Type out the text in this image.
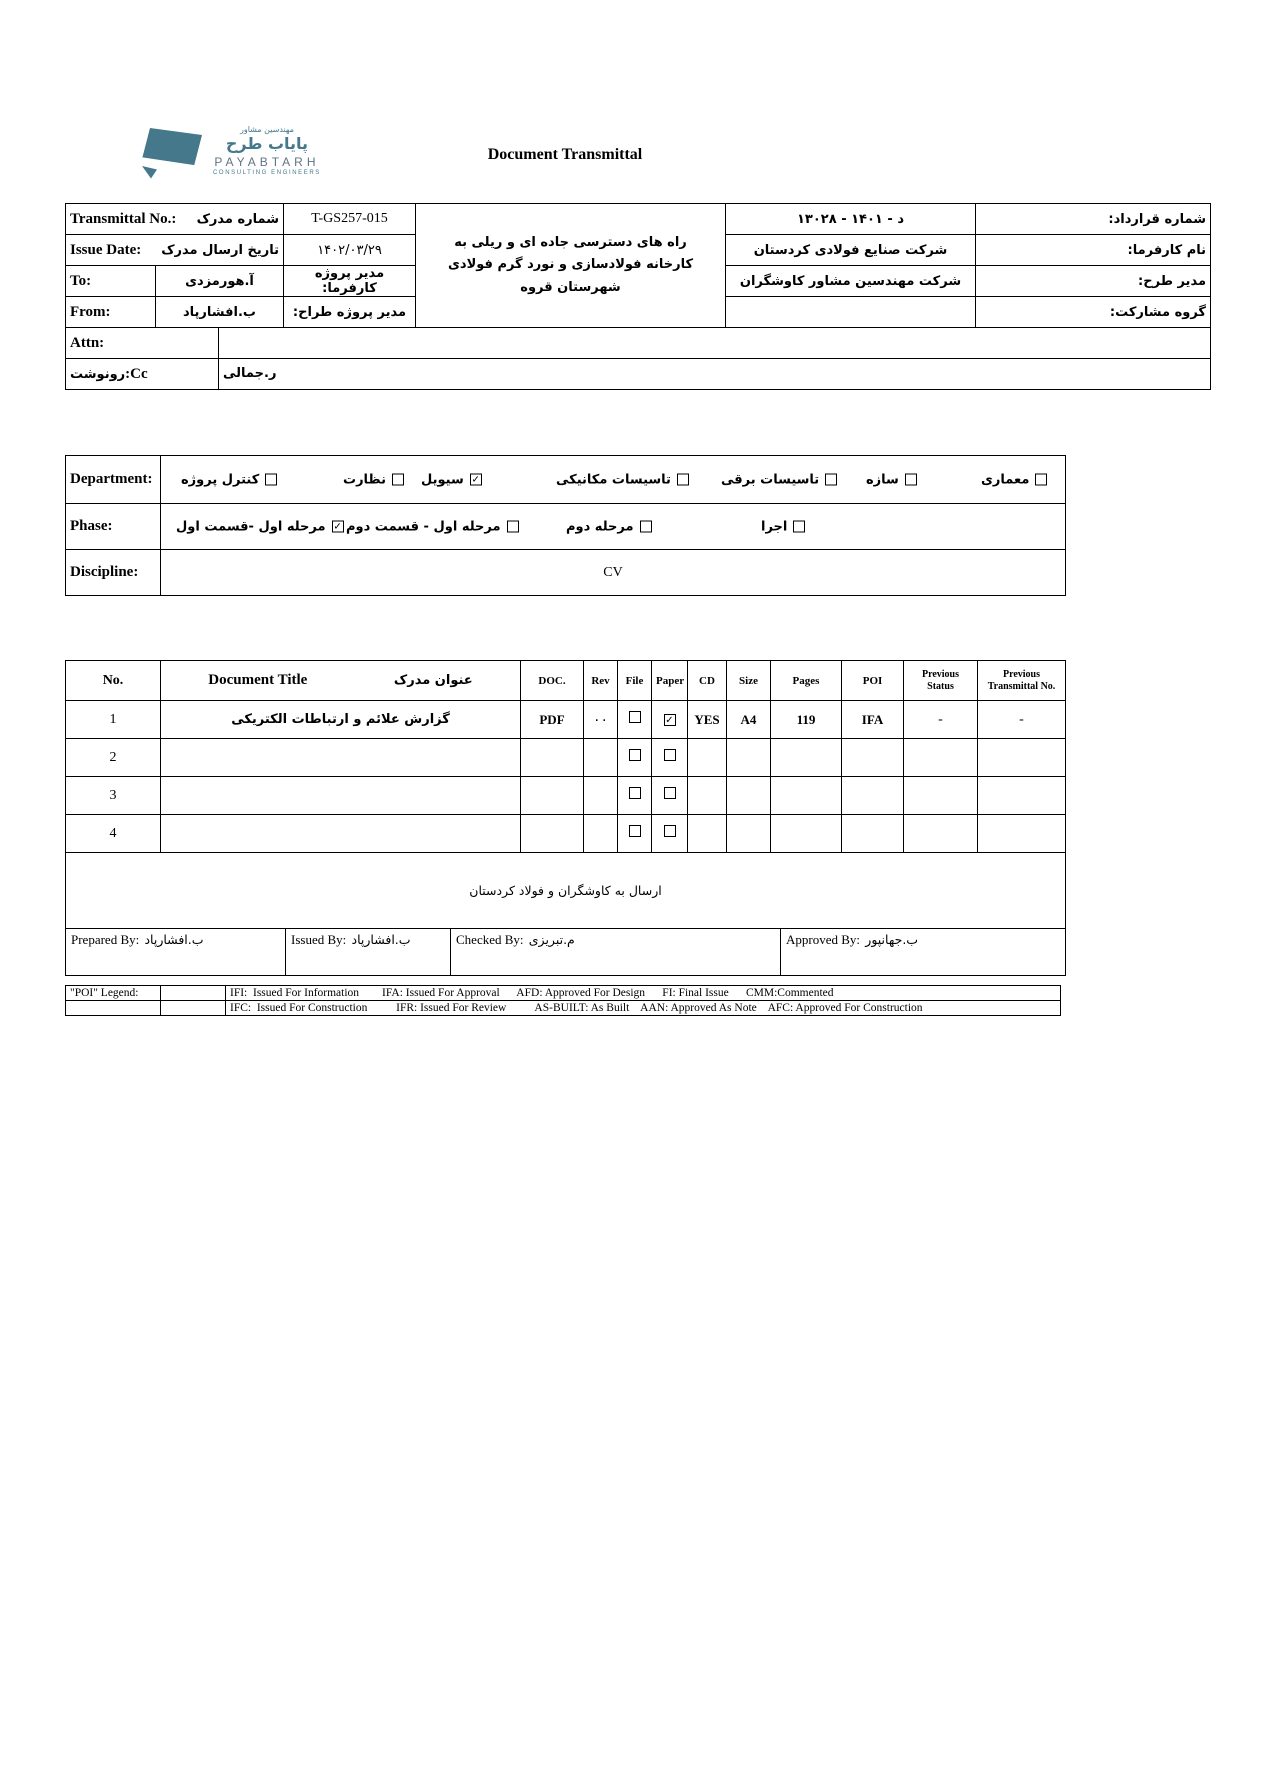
مهندسین مشاور
پایاب طرح
PAYABTARH
CONSULTING ENGINEERS
Document Transmittal
Transmittal No.: شماره مدرک			T-GS257-015	راه های دسترسی جاده ای و ریلی به کارخانه فولادسازی و نورد گرم فولادی شهرستان قروه	۱۳۰۲۸ - د - ۱۴۰۱	شماره قرارداد:

Issue Date: تاریخ ارسال مدرک			۱۴۰۲/۰۳/۲۹		شرکت صنایع فولادی کردستان	نام کارفرما:
To:	آ.هورمزدی		مدیر پروژه کارفرما:		شرکت مهندسین مشاور کاوشگران	مدیر طرح:
From:	ب.افشارپاد		مدیر پروژه طراح:			گروه مشارکت:
Attn:						
Cc:رونوشت		ر.جمالی				
Department:	کنترل پروژه	نظارت	سیویل ✓	تاسیسات مکانیکی	تاسیسات برقی	سازه	معماری

Phase:	مرحله اول -قسمت اول ✓ مرحله اول - قسمت دوم مرحله دوم اجرا

Discipline:	CV
No.	Document Title عنوان مدرک	DOC.	Rev	File	Paper	CD	Size	Pages	POI	Previous Status	Previous Transmittal No.
1	گزارش علائم و ارتباطات الکتریکی	PDF	۰۰		✓	YES	A4	119	IFA	-	-
2											
3											
4											
ارسال به کاوشگران و فولاد کردستان											
Prepared By: ب.افشارپاد	Issued By: ب.افشارپاد	Checked By: م.تبریزی	Approved By: ب.جهانپور
"POI" Legend:		IFI:  Issued For Information        IFA: Issued For Approval      AFD: Approved For Design      FI: Final Issue      CMM:Commented
		IFC:  Issued For Construction          IFR: Issued For Review          AS-BUILT: As Built    AAN: Approved As Note    AFC: Approved For Construction
